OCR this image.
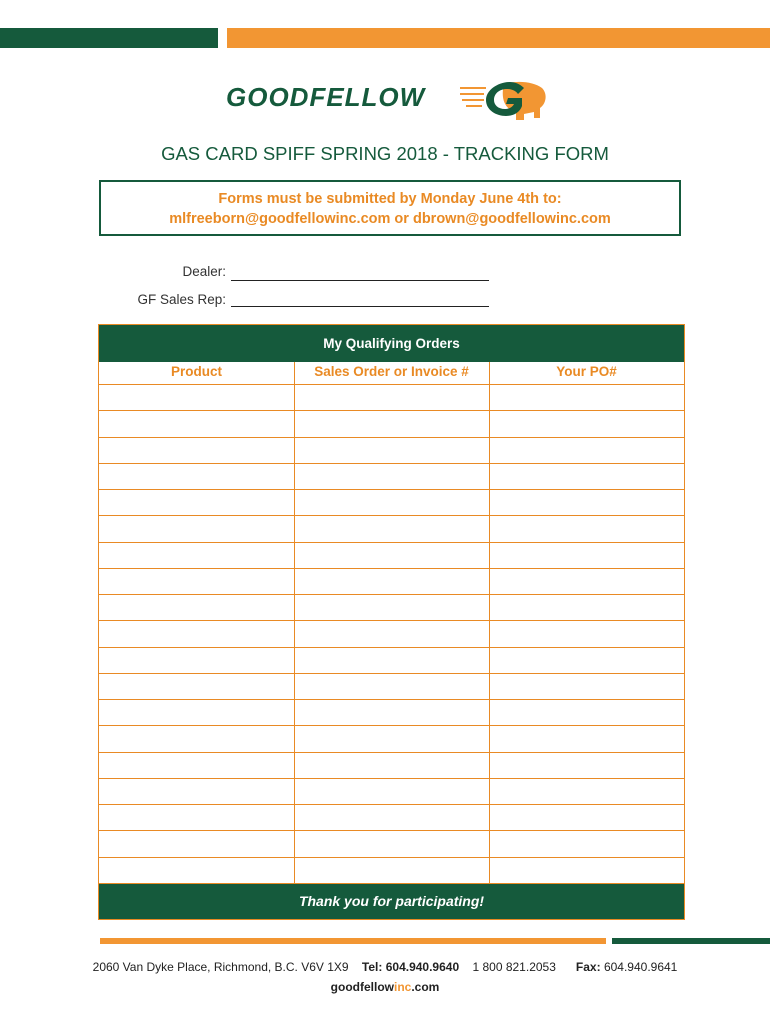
GOODFELLOW
GAS CARD SPIFF SPRING 2018 - TRACKING FORM
Forms must be submitted by Monday June 4th to:
mlfreeborn@goodfellowinc.com or dbrown@goodfellowinc.com
Dealer:
GF Sales Rep:
My Qualifying Orders
Product	Sales Order or Invoice #	Your PO#
Thank you for participating!
2060 Van Dyke Place, Richmond, B.C. V6V 1X9 Tel: 604.940.9640 1 800 821.2053 Fax: 604.940.9641
goodfellowinc.com
